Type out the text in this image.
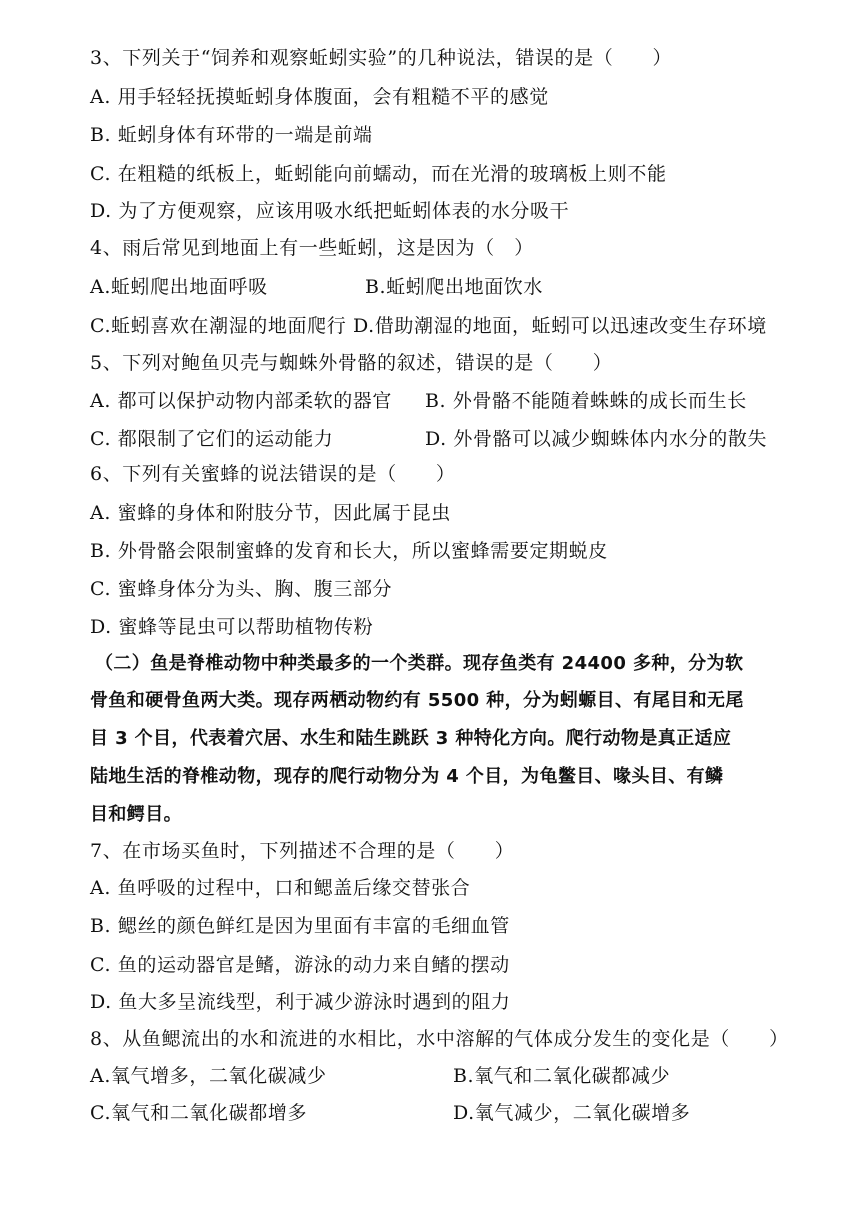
3、下列关于“饲养和观察蚯蚓实验”的几种说法，错误的是（　　）
A. 用手轻轻抚摸蚯蚓身体腹面，会有粗糙不平的感觉
B. 蚯蚓身体有环带的一端是前端
C. 在粗糙的纸板上，蚯蚓能向前蠕动，而在光滑的玻璃板上则不能
D. 为了方便观察，应该用吸水纸把蚯蚓体表的水分吸干
4、雨后常见到地面上有一些蚯蚓，这是因为（　）
A.蚯蚓爬出地面呼吸	B.蚯蚓爬出地面饮水
C.蚯蚓喜欢在潮湿的地面爬行 D.借助潮湿的地面，蚯蚓可以迅速改变生存环境
5、下列对鲍鱼贝壳与蜘蛛外骨骼的叙述，错误的是（　　）
A. 都可以保护动物内部柔软的器官 B. 外骨骼不能随着蛛蛛的成长而生长
C. 都限制了它们的运动能力	D. 外骨骼可以减少蜘蛛体内水分的散失
6、下列有关蜜蜂的说法错误的是（　　）
A. 蜜蜂的身体和附肢分节，因此属于昆虫
B. 外骨骼会限制蜜蜂的发育和长大，所以蜜蜂需要定期蜕皮
C. 蜜蜂身体分为头、胸、腹三部分
D. 蜜蜂等昆虫可以帮助植物传粉
（二）鱼是脊椎动物中种类最多的一个类群。现存鱼类有 24400 多种，分为软
骨鱼和硬骨鱼两大类。现存两栖动物约有 5500 种，分为蚓螈目、有尾目和无尾
目 3 个目，代表着穴居、水生和陆生跳跃 3 种特化方向。爬行动物是真正适应
陆地生活的脊椎动物，现存的爬行动物分为 4 个目，为龟鳖目、喙头目、有鳞
目和鳄目。
7、在市场买鱼时，下列描述不合理的是（　　）
A. 鱼呼吸的过程中，口和鳃盖后缘交替张合
B. 鳃丝的颜色鲜红是因为里面有丰富的毛细血管
C. 鱼的运动器官是鳍，游泳的动力来自鳍的摆动
D. 鱼大多呈流线型，利于减少游泳时遇到的阻力
8、从鱼鳃流出的水和流进的水相比，水中溶解的气体成分发生的变化是（　　）
A.氧气增多，二氧化碳减少	B.氧气和二氧化碳都减少
C.氧气和二氧化碳都增多	D.氧气减少，二氧化碳增多
